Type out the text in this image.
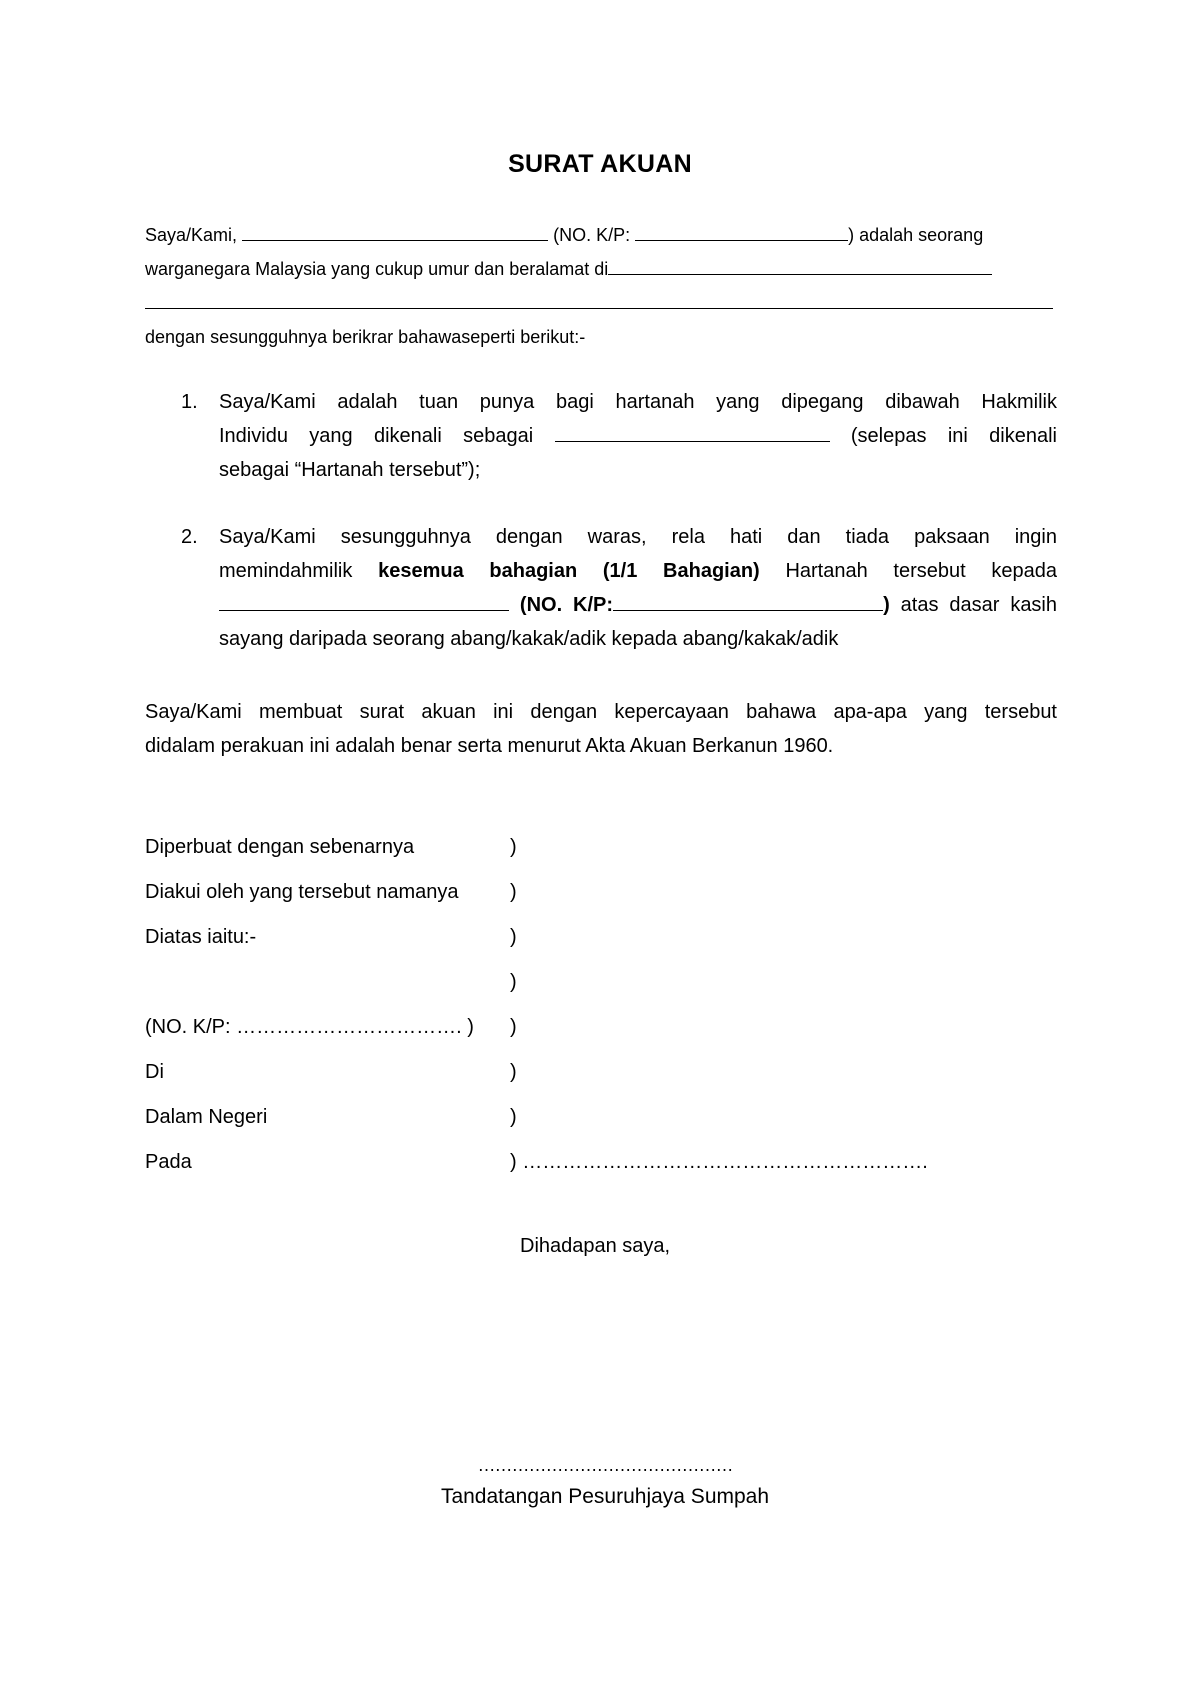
SURAT AKUAN
Saya/Kami,	(NO. K/P:	) adalah seorang
warganegara Malaysia yang cukup umur dan beralamat di
dengan sesungguhnya berikrar bahawaseperti berikut:-
1. Saya/Kami adalah tuan punya bagi hartanah yang dipegang dibawah Hakmilik
Individu yang dikenali sebagai	(selepas ini dikenali
sebagai “Hartanah tersebut”);
2. Saya/Kami sesungguhnya dengan waras, rela hati dan tiada paksaan ingin
memindahmilik kesemua bahagian (1/1 Bahagian) Hartanah tersebut kepada
(NO. K/P:	) atas dasar kasih
sayang daripada seorang abang/kakak/adik kepada abang/kakak/adik
Saya/Kami membuat surat akuan ini dengan kepercayaan bahawa apa-apa yang tersebut
didalam perakuan ini adalah benar serta menurut Akta Akuan Berkanun 1960.
Diperbuat dengan sebenarnya	)
Diakui oleh yang tersebut namanya	)
Diatas iaitu:-	)
)
(NO. K/P: ……………………………. ) )
Di	)
Dalam Negeri	)
Pada	) …………………………………………………….
Dihadapan saya,
………………………………………
Tandatangan Pesuruhjaya Sumpah
